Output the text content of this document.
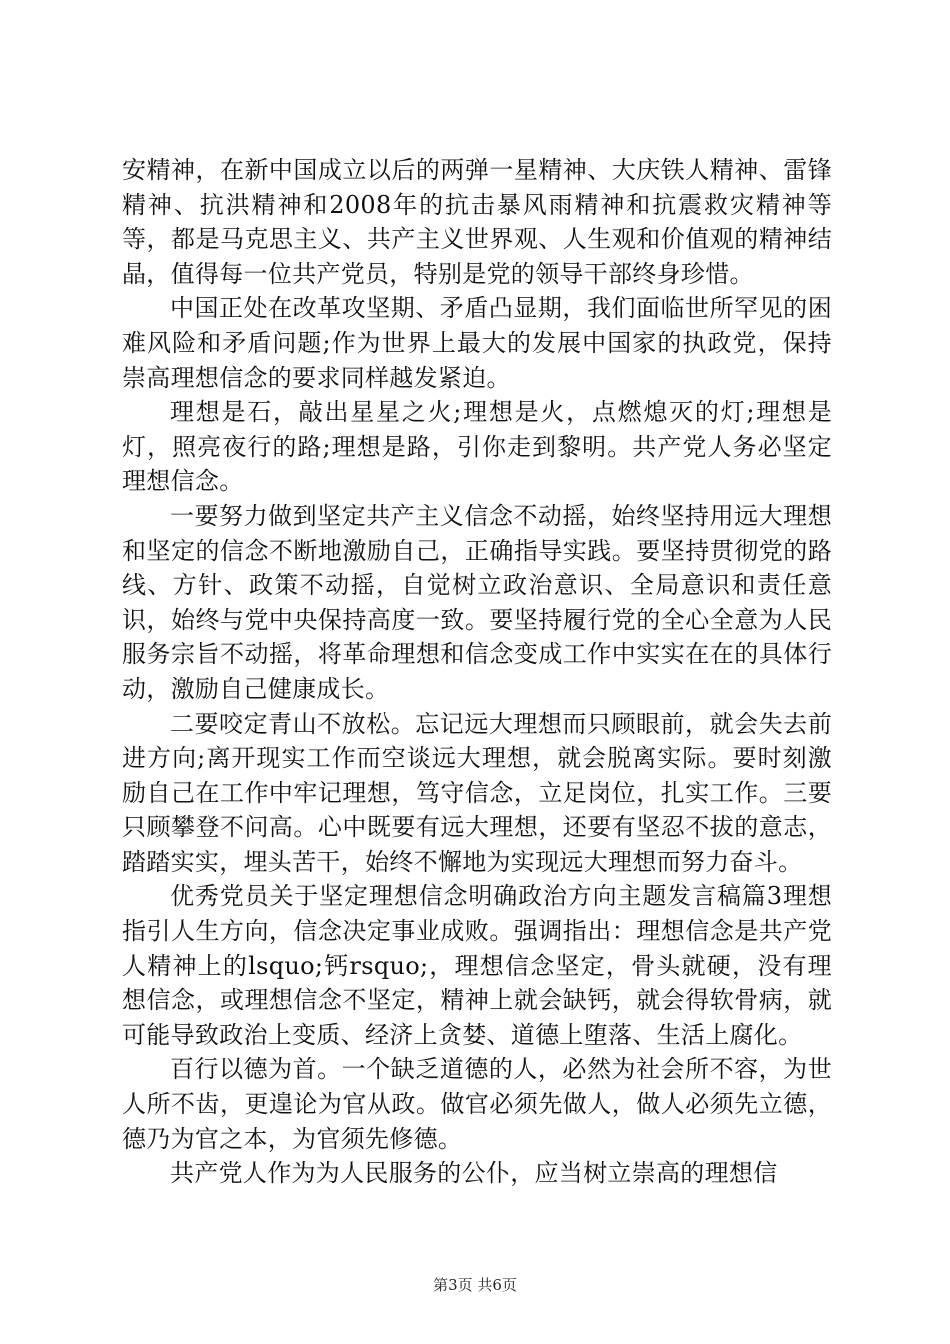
安精神，在新中国成立以后的两弹一星精神、大庆铁人精神、雷锋精神、抗洪精神和2008年的抗击暴风雨精神和抗震救灾精神等等，都是马克思主义、共产主义世界观、人生观和价值观的精神结晶，值得每一位共产党员，特别是党的领导干部终身珍惜。

中国正处在改革攻坚期、矛盾凸显期，我们面临世所罕见的困难风险和矛盾问题;作为世界上最大的发展中国家的执政党，保持崇高理想信念的要求同样越发紧迫。

理想是石，敲出星星之火;理想是火，点燃熄灭的灯;理想是灯，照亮夜行的路;理想是路，引你走到黎明。共产党人务必坚定理想信念。

一要努力做到坚定共产主义信念不动摇，始终坚持用远大理想和坚定的信念不断地激励自己，正确指导实践。要坚持贯彻党的路线、方针、政策不动摇，自觉树立政治意识、全局意识和责任意识，始终与党中央保持高度一致。要坚持履行党的全心全意为人民服务宗旨不动摇，将革命理想和信念变成工作中实实在在的具体行动，激励自己健康成长。

二要咬定青山不放松。忘记远大理想而只顾眼前，就会失去前进方向;离开现实工作而空谈远大理想，就会脱离实际。要时刻激励自己在工作中牢记理想，笃守信念，立足岗位，扎实工作。三要只顾攀登不问高。心中既要有远大理想，还要有坚忍不拔的意志，踏踏实实，埋头苦干，始终不懈地为实现远大理想而努力奋斗。

优秀党员关于坚定理想信念明确政治方向主题发言稿篇3理想指引人生方向，信念决定事业成败。强调指出：理想信念是共产党人精神上的lsquo;钙rsquo;，理想信念坚定，骨头就硬，没有理想信念，或理想信念不坚定，精神上就会缺钙，就会得软骨病，就可能导致政治上变质、经济上贪婪、道德上堕落、生活上腐化。

百行以德为首。一个缺乏道德的人，必然为社会所不容，为世人所不齿，更遑论为官从政。做官必须先做人，做人必须先立德，德乃为官之本，为官须先修德。

共产党人作为为人民服务的公仆，应当树立崇高的理想信

第3页 共6页
